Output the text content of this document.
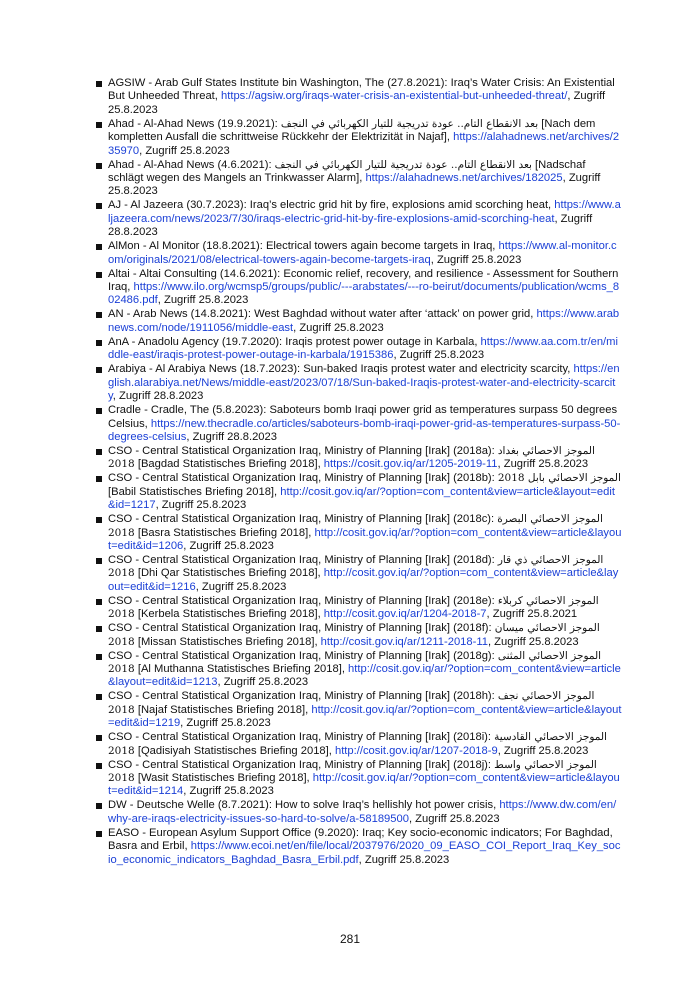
AGSIW - Arab Gulf States Institute bin Washington, The (27.8.2021): Iraq’s Water Crisis: An Existential But Unheeded Threat, https://agsiw.org/iraqs-water-crisis-an-existential-but-unheeded-threat/, Zugriff 25.8.2023
Ahad - Al-Ahad News (19.9.2021): بعد الانقطاع التام.. عودة تدريجية للتيار الكهربائي في النجف [Nach dem kompletten Ausfall die schrittweise Rückkehr der Elektrizität in Najaf], https://alahadnews.net/archives/235970, Zugriff 25.8.2023
Ahad - Al-Ahad News (4.6.2021): بعد الانقطاع التام.. عودة تدريجية للتيار الكهربائي في النجف [Nadschaf schlägt wegen des Mangels an Trinkwasser Alarm], https://alahadnews.net/archives/182025, Zugriff 25.8.2023
AJ - Al Jazeera (30.7.2023): Iraq’s electric grid hit by fire, explosions amid scorching heat, https://www.aljazeera.com/news/2023/7/30/iraqs-electric-grid-hit-by-fire-explosions-amid-scorching-heat, Zugriff 28.8.2023
AlMon - Al Monitor (18.8.2021): Electrical towers again become targets in Iraq, https://www.al-monitor.com/originals/2021/08/electrical-towers-again-become-targets-iraq, Zugriff 25.8.2023
Altai - Altai Consulting (14.6.2021): Economic relief, recovery, and resilience - Assessment for Southern Iraq, https://www.ilo.org/wcmsp5/groups/public/---arabstates/---ro-beirut/documents/publication/wcms_802486.pdf, Zugriff 25.8.2023
AN - Arab News (14.8.2021): West Baghdad without water after ‘attack’ on power grid, https://www.arabnews.com/node/1911056/middle-east, Zugriff 25.8.2023
AnA - Anadolu Agency (19.7.2020): Iraqis protest power outage in Karbala, https://www.aa.com.tr/en/middle-east/iraqis-protest-power-outage-in-karbala/1915386, Zugriff 25.8.2023
Arabiya - Al Arabiya News (18.7.2023): Sun-baked Iraqis protest water and electricity scarcity, https://english.alarabiya.net/News/middle-east/2023/07/18/Sun-baked-Iraqis-protest-water-and-electricity-scarcity, Zugriff 28.8.2023
Cradle - Cradle, The (5.8.2023): Saboteurs bomb Iraqi power grid as temperatures surpass 50 degrees Celsius, https://new.thecradle.co/articles/saboteurs-bomb-iraqi-power-grid-as-temperatures-surpass-50-degrees-celsius, Zugriff 28.8.2023
CSO - Central Statistical Organization Iraq, Ministry of Planning [Irak] (2018a): الموجز الاحصائي بغداد 2018 [Bagdad Statistisches Briefing 2018], https://cosit.gov.iq/ar/1205-2019-11, Zugriff 25.8.2023
CSO - Central Statistical Organization Iraq, Ministry of Planning [Irak] (2018b): الموجز الاحصائي بابل 2018 [Babil Statistisches Briefing 2018], http://cosit.gov.iq/ar/?option=com_content&view=article&layout=edit&id=1217, Zugriff 25.8.2023
CSO - Central Statistical Organization Iraq, Ministry of Planning [Irak] (2018c): الموجز الاحصائي البصرة 2018 [Basra Statistisches Briefing 2018], http://cosit.gov.iq/ar/?option=com_content&view=article&layout=edit&id=1206, Zugriff 25.8.2023
CSO - Central Statistical Organization Iraq, Ministry of Planning [Irak] (2018d): الموجز الاحصائي ذي قار 2018 [Dhi Qar Statistisches Briefing 2018], http://cosit.gov.iq/ar/?option=com_content&view=article&layout=edit&id=1216, Zugriff 25.8.2023
CSO - Central Statistical Organization Iraq, Ministry of Planning [Irak] (2018e): الموجز الاحصائي كربلاء 2018 [Kerbela Statistisches Briefing 2018], http://cosit.gov.iq/ar/1204-2018-7, Zugriff 25.8.2021
CSO - Central Statistical Organization Iraq, Ministry of Planning [Irak] (2018f): الموجز الاحصائي ميسان 2018 [Missan Statistisches Briefing 2018], http://cosit.gov.iq/ar/1211-2018-11, Zugriff 25.8.2023
CSO - Central Statistical Organization Iraq, Ministry of Planning [Irak] (2018g): الموجز الاحصائي المثنى 2018 [Al Muthanna Statistisches Briefing 2018], http://cosit.gov.iq/ar/?option=com_content&view=article&layout=edit&id=1213, Zugriff 25.8.2023
CSO - Central Statistical Organization Iraq, Ministry of Planning [Irak] (2018h): الموجز الاحصائي نجف 2018 [Najaf Statistisches Briefing 2018], http://cosit.gov.iq/ar/?option=com_content&view=article&layout=edit&id=1219, Zugriff 25.8.2023
CSO - Central Statistical Organization Iraq, Ministry of Planning [Irak] (2018i): الموجز الاحصائي القادسية 2018 [Qadisiyah Statistisches Briefing 2018], http://cosit.gov.iq/ar/1207-2018-9, Zugriff 25.8.2023
CSO - Central Statistical Organization Iraq, Ministry of Planning [Irak] (2018j): الموجز الاحصائي واسط 2018 [Wasit Statistisches Briefing 2018], http://cosit.gov.iq/ar/?option=com_content&view=article&layout=edit&id=1214, Zugriff 25.8.2023
DW - Deutsche Welle (8.7.2021): How to solve Iraq’s hellishly hot power crisis, https://www.dw.com/en/why-are-iraqs-electricity-issues-so-hard-to-solve/a-58189500, Zugriff 25.8.2023
EASO - European Asylum Support Office (9.2020): Iraq; Key socio-economic indicators; For Baghdad, Basra and Erbil, https://www.ecoi.net/en/file/local/2037976/2020_09_EASO_COI_Report_Iraq_Key_socio_economic_indicators_Baghdad_Basra_Erbil.pdf, Zugriff 25.8.2023
281
